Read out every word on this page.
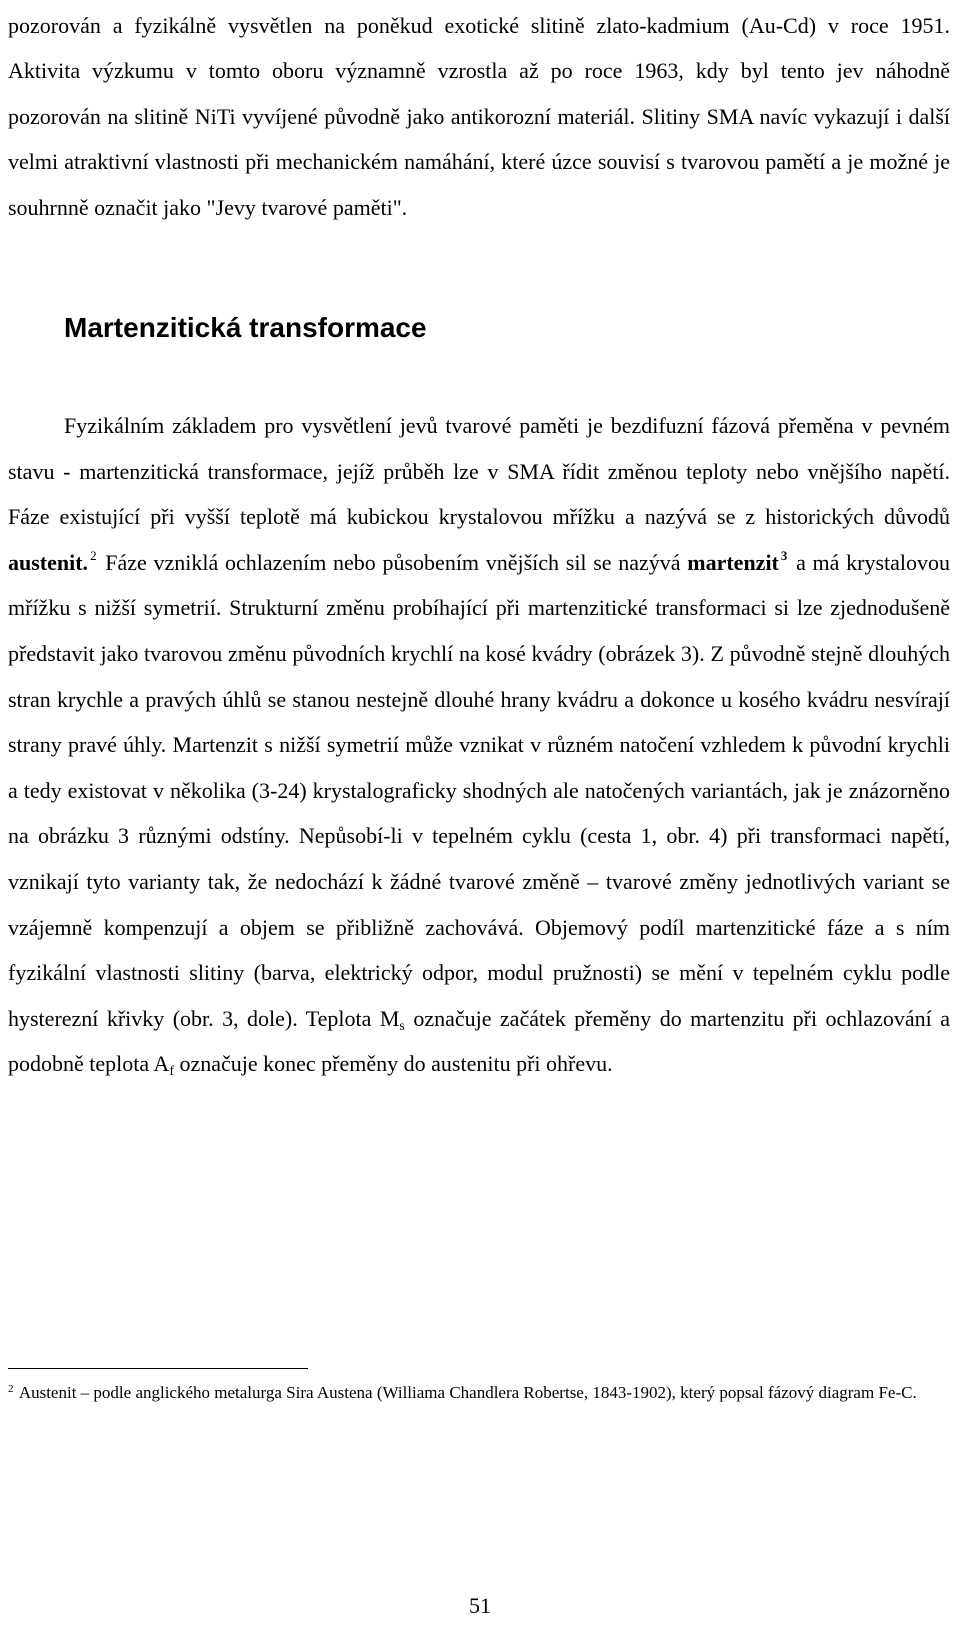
pozorován a fyzikálně vysvětlen na poněkud exotické slitině zlato-kadmium (Au-Cd) v roce 1951. Aktivita výzkumu v tomto oboru významně vzrostla až po roce 1963, kdy byl tento jev náhodně pozorován na slitině NiTi vyvíjené původně jako antikorozní materiál. Slitiny SMA navíc vykazují i další velmi atraktivní vlastnosti při mechanickém namáhání, které úzce souvisí s tvarovou pamětí a je možné je souhrnně označit jako "Jevy tvarové paměti".

Martenzitická transformace

Fyzikálním základem pro vysvětlení jevů tvarové paměti je bezdifuzní fázová přeměna v pevném stavu - martenzitická transformace, jejíž průběh lze v SMA řídit změnou teploty nebo vnějšího napětí. Fáze existující při vyšší teplotě má kubickou krystalovou mřížku a nazývá se z historických důvodů austenit. $^2$ Fáze vzniklá ochlazením nebo působením vnějších sil se nazývá martenzit $^3$ a má krystalovou mřížku s nižší symetrií. Strukturní změnu probíhající při martenzitické transformaci si lze zjednodušeně představit jako tvarovou změnu původních krychlí na kosé kvádry (obrázek 3). Z původně stejně dlouhých stran krychle a pravých úhlů se stanou nestejně dlouhé hrany kvádru a dokonce u kosého kvádru nesvírají strany pravé úhly. Martenzit s nižší symetrií může vznikat v různém natočení vzhledem k původní krychli a tedy existovat v několika (3-24) krystalograficky shodných ale natočených variantách, jak je znázorněno na obrázku 3 různými odstíny. Nepůsobí-li v tepelném cyklu (cesta 1, obr. 4) při transformaci napětí, vznikají tyto varianty tak, že nedochází k žádné tvarové změně – tvarové změny jednotlivých variant se vzájemně kompenzují a objem se přibližně zachovává. Objemový podíl martenzitické fáze a s ním fyzikální vlastnosti slitiny (barva, elektrický odpor, modul pružnosti) se mění v tepelném cyklu podle hysterezní křivky (obr. 3, dole). Teplota Ms označuje začátek přeměny do martenzitu při ochlazování a podobně teplota Af označuje konec přeměny do austenitu při ohřevu.

$^2$ Austenit – podle anglického metalurga Sira Austena (Williama Chandlera Robertse, 1843-1902), který popsal fázový diagram Fe-C.

51
